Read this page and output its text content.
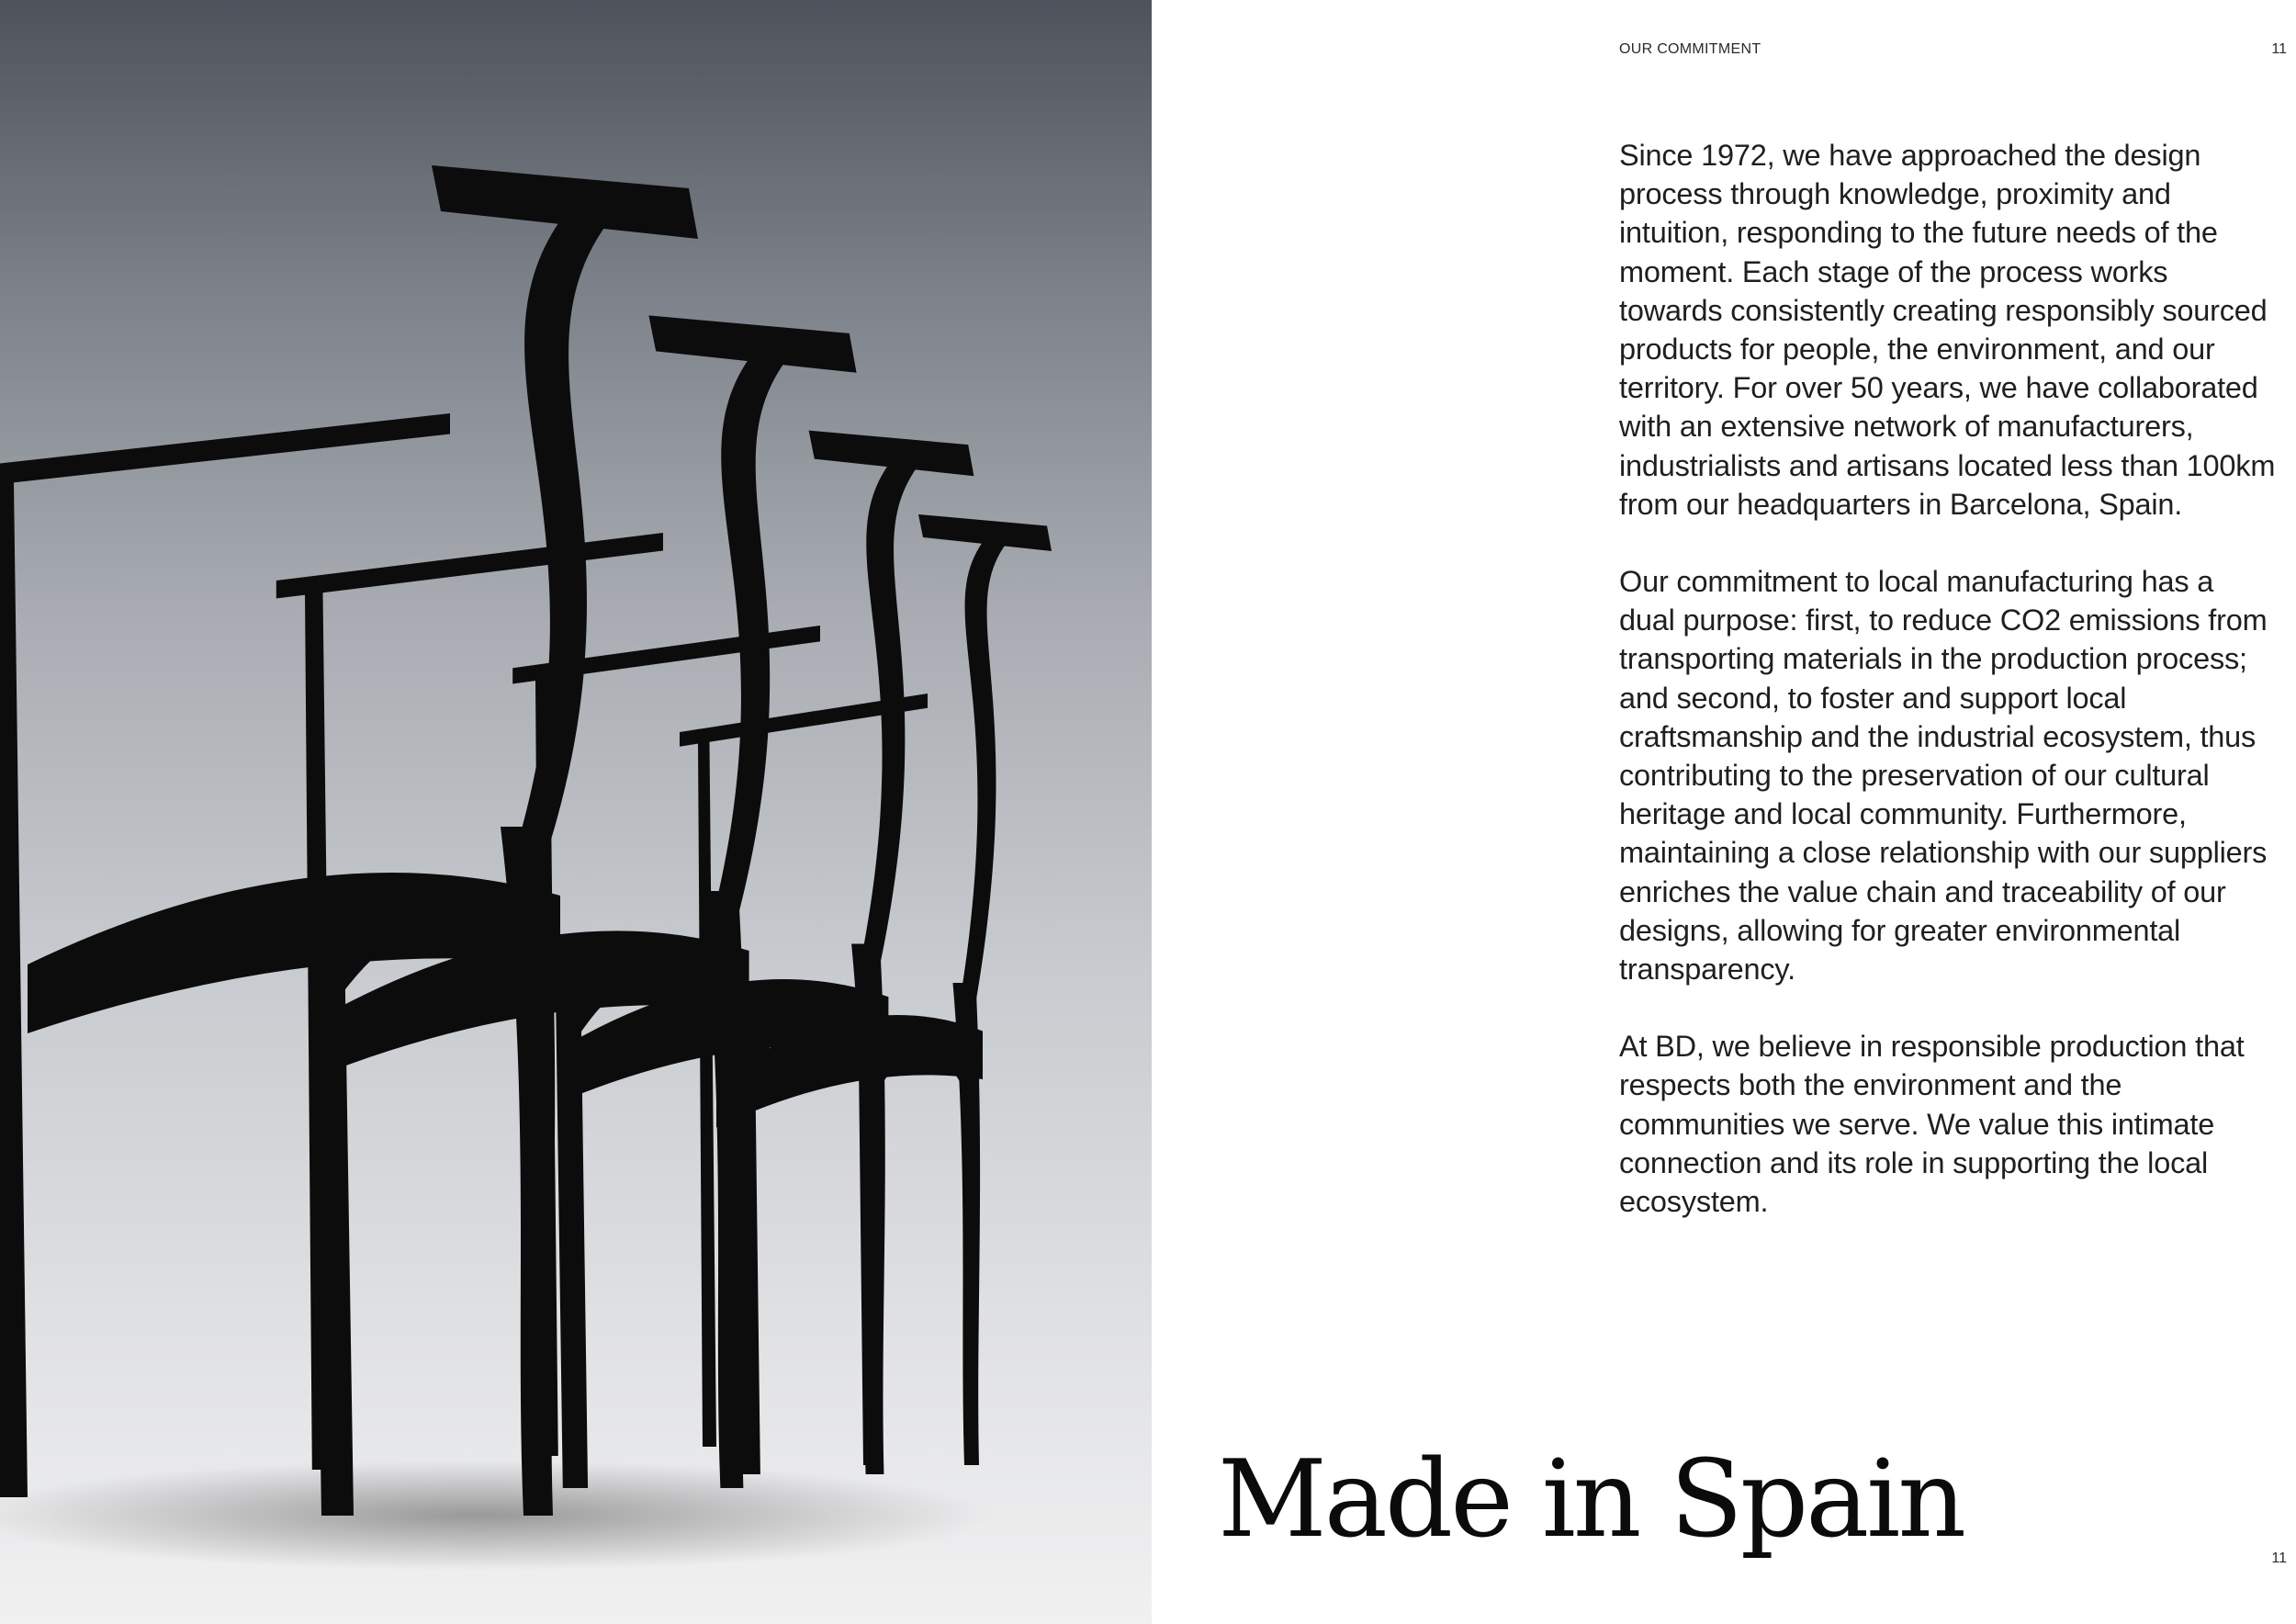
OUR COMMITMENT	11

Since 1972, we have approached the design process through knowledge, proximity and intuition, responding to the future needs of the moment. Each stage of the process works towards consistently creating responsibly sourced products for people, the environment, and our territory. For over 50 years, we have collaborated with an extensive network of manufacturers, industrialists and artisans located less than 100km from our headquarters in Barcelona, Spain.

Our commitment to local manufacturing has a dual purpose: first, to reduce CO2 emissions from transporting materials in the production process; and second, to foster and support local craftsmanship and the industrial ecosystem, thus contributing to the preservation of our cultural heritage and local community. Furthermore, maintaining a close relationship with our suppliers enriches the value chain and traceability of our designs, allowing for greater environmental transparency.

At BD, we believe in responsible production that respects both the environment and the communities we serve. We value this intimate connection and its role in supporting the local ecosystem.

Made in Spain	11
